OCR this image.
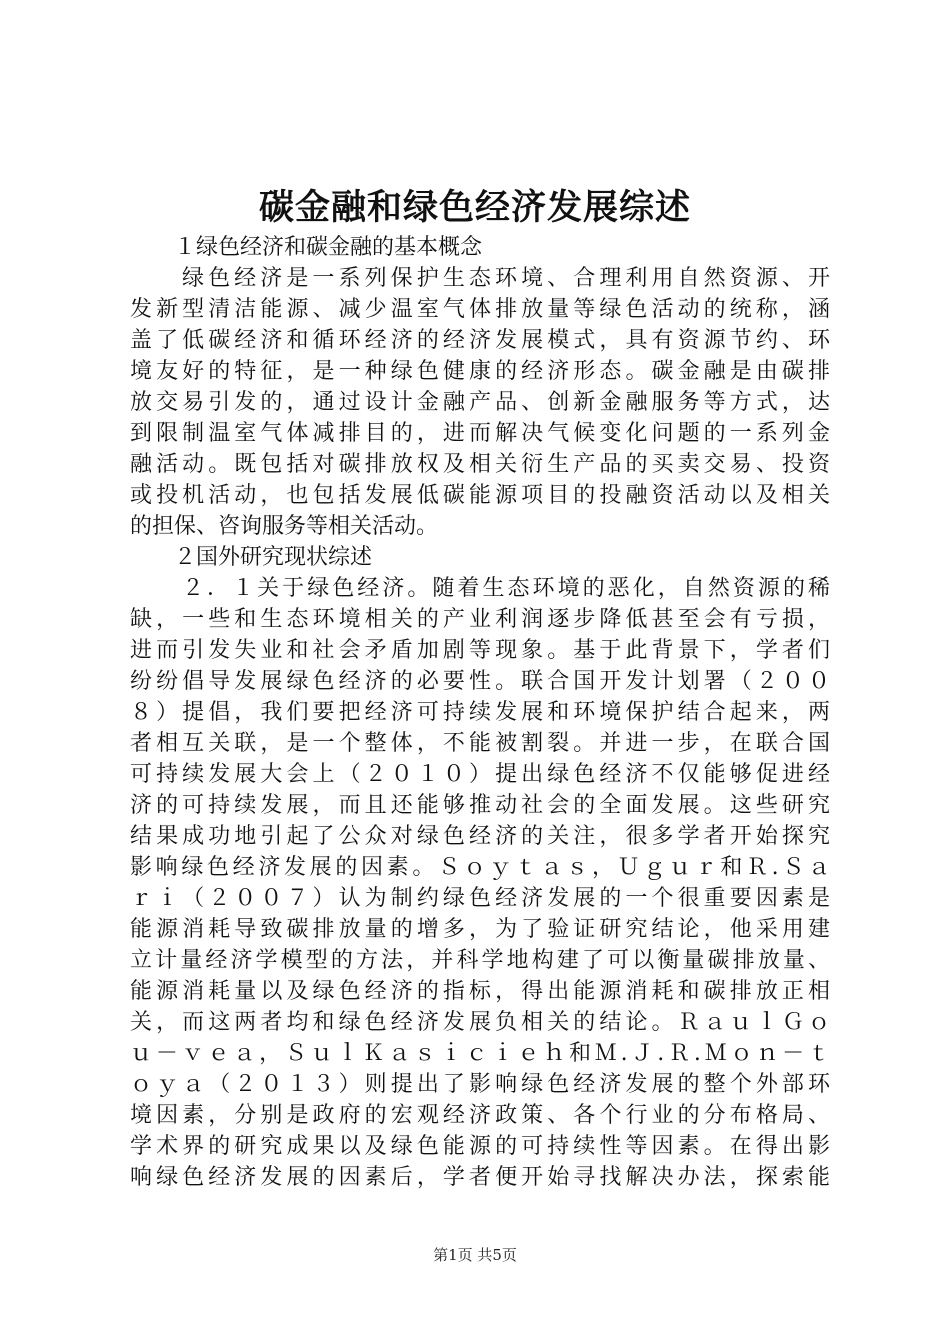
碳金融和绿色经济发展综述
１绿色经济和碳金融的基本概念
绿色经济是一系列保护生态环境、合理利用自然资源、开
发新型清洁能源、减少温室气体排放量等绿色活动的统称，涵
盖了低碳经济和循环经济的经济发展模式，具有资源节约、环
境友好的特征，是一种绿色健康的经济形态。碳金融是由碳排
放交易引发的，通过设计金融产品、创新金融服务等方式，达
到限制温室气体减排目的，进而解决气候变化问题的一系列金
融活动。既包括对碳排放权及相关衍生产品的买卖交易、投资
或投机活动，也包括发展低碳能源项目的投融资活动以及相关
的担保、咨询服务等相关活动。
２国外研究现状综述
２．１关于绿色经济。随着生态环境的恶化，自然资源的稀
缺，一些和生态环境相关的产业利润逐步降低甚至会有亏损，
进而引发失业和社会矛盾加剧等现象。基于此背景下，学者们
纷纷倡导发展绿色经济的必要性。联合国开发计划署（２００
８）提倡，我们要把经济可持续发展和环境保护结合起来，两
者相互关联，是一个整体，不能被割裂。并进一步，在联合国
可持续发展大会上（２０１０）提出绿色经济不仅能够促进经
济的可持续发展，而且还能够推动社会的全面发展。这些研究
结果成功地引起了公众对绿色经济的关注，很多学者开始探究
影响绿色经济发展的因素。Ｓｏｙｔａｓ，Ｕｇｕｒ和Ｒ.Ｓａ
ｒｉ（２００７）认为制约绿色经济发展的一个很重要因素是
能源消耗导致碳排放量的增多，为了验证研究结论，他采用建
立计量经济学模型的方法，并科学地构建了可以衡量碳排放量、
能源消耗量以及绿色经济的指标，得出能源消耗和碳排放正相
关，而这两者均和绿色经济发展负相关的结论。ＲａｕｌＧｏ
ｕ－ｖｅａ，ＳｕｌＫａｓｉｃｉｅｈ和Ｍ.Ｊ.Ｒ.Ｍｏｎ－ｔ
ｏｙａ（２０１３）则提出了影响绿色经济发展的整个外部环
境因素，分别是政府的宏观经济政策、各个行业的分布格局、
学术界的研究成果以及绿色能源的可持续性等因素。在得出影
响绿色经济发展的因素后，学者便开始寻找解决办法，探索能
第1页 共5页
